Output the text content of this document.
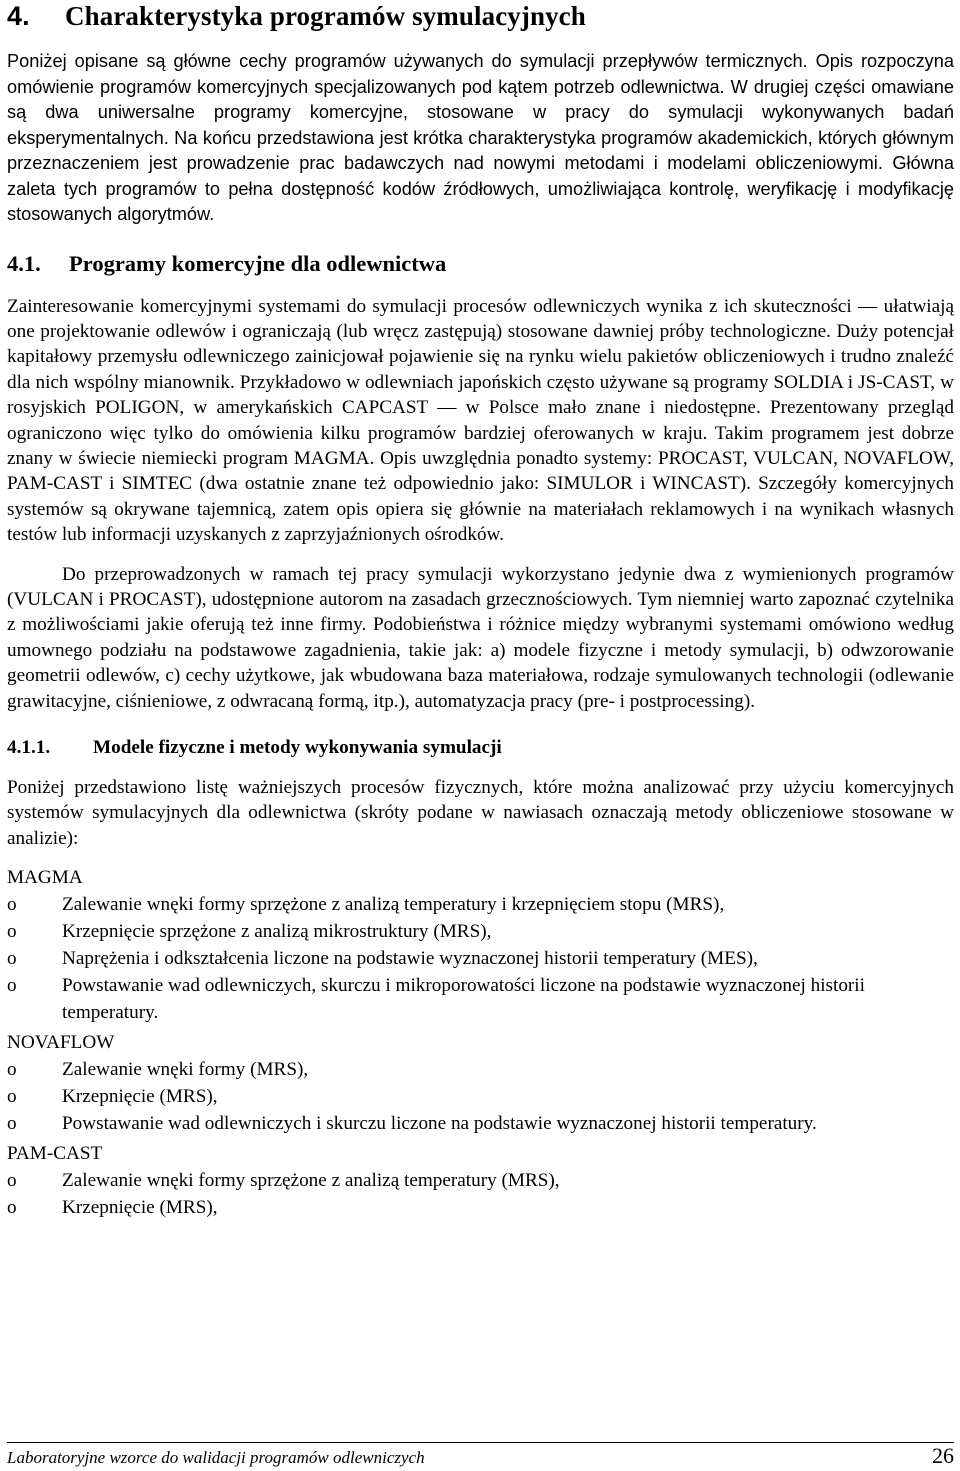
4. Charakterystyka programów symulacyjnych

Poniżej opisane są główne cechy programów używanych do symulacji przepływów termicznych. Opis rozpoczyna omówienie programów komercyjnych specjalizowanych pod kątem potrzeb odlewnictwa. W drugiej części omawiane są dwa uniwersalne programy komercyjne, stosowane w pracy do symulacji wykonywanych badań eksperymentalnych. Na końcu przedstawiona jest krótka charakterystyka programów akademickich, których głównym przeznaczeniem jest prowadzenie prac badawczych nad nowymi metodami i modelami obliczeniowymi. Główna zaleta tych programów to pełna dostępność kodów źródłowych, umożliwiająca kontrolę, weryfikację i modyfikację stosowanych algorytmów.

4.1. Programy komercyjne dla odlewnictwa

Zainteresowanie komercyjnymi systemami do symulacji procesów odlewniczych wynika z ich skuteczności — ułatwiają one projektowanie odlewów i ograniczają (lub wręcz zastępują) stosowane dawniej próby technologiczne. Duży potencjał kapitałowy przemysłu odlewniczego zainicjował pojawienie się na rynku wielu pakietów obliczeniowych i trudno znaleźć dla nich wspólny mianownik. Przykładowo w odlewniach japońskich często używane są programy SOLDIA i JS-CAST, w rosyjskich POLIGON, w amerykańskich CAPCAST — w Polsce mało znane i niedostępne. Prezentowany przegląd ograniczono więc tylko do omówienia kilku programów bardziej oferowanych w kraju. Takim programem jest dobrze znany w świecie niemiecki program MAGMA. Opis uwzględnia ponadto systemy: PROCAST, VULCAN, NOVAFLOW, PAM-CAST i SIMTEC (dwa ostatnie znane też odpowiednio jako: SIMULOR i WINCAST). Szczegóły komercyjnych systemów są okrywane tajemnicą, zatem opis opiera się głównie na materiałach reklamowych i na wynikach własnych testów lub informacji uzyskanych z zaprzyjaźnionych ośrodków.

Do przeprowadzonych w ramach tej pracy symulacji wykorzystano jedynie dwa z wymienionych programów (VULCAN i PROCAST), udostępnione autorom na zasadach grzecznościowych. Tym niemniej warto zapoznać czytelnika z możliwościami jakie oferują też inne firmy. Podobieństwa i różnice między wybranymi systemami omówiono według umownego podziału na podstawowe zagadnienia, takie jak: a) modele fizyczne i metody symulacji, b) odwzorowanie geometrii odlewów, c) cechy użytkowe, jak wbudowana baza materiałowa, rodzaje symulowanych technologii (odlewanie grawitacyjne, ciśnieniowe, z odwracaną formą, itp.), automatyzacja pracy (pre- i postprocessing).

4.1.1. Modele fizyczne i metody wykonywania symulacji

Poniżej przedstawiono listę ważniejszych procesów fizycznych, które można analizować przy użyciu komercyjnych systemów symulacyjnych dla odlewnictwa (skróty podane w nawiasach oznaczają metody obliczeniowe stosowane w analizie):

MAGMA
o Zalewanie wnęki formy sprzężone z analizą temperatury i krzepnięciem stopu (MRS),
o Krzepnięcie sprzężone z analizą mikrostruktury (MRS),
o Naprężenia i odkształcenia liczone na podstawie wyznaczonej historii temperatury (MES),
o Powstawanie wad odlewniczych, skurczu i mikroporowatości liczone na podstawie wyznaczonej historii temperatury.
NOVAFLOW
o Zalewanie wnęki formy (MRS),
o Krzepnięcie (MRS),
o Powstawanie wad odlewniczych i skurczu liczone na podstawie wyznaczonej historii temperatury.
PAM-CAST
o Zalewanie wnęki formy sprzężone z analizą temperatury (MRS),
o Krzepnięcie (MRS),
Laboratoryjne wzorce do walidacji programów odlewniczych	26
